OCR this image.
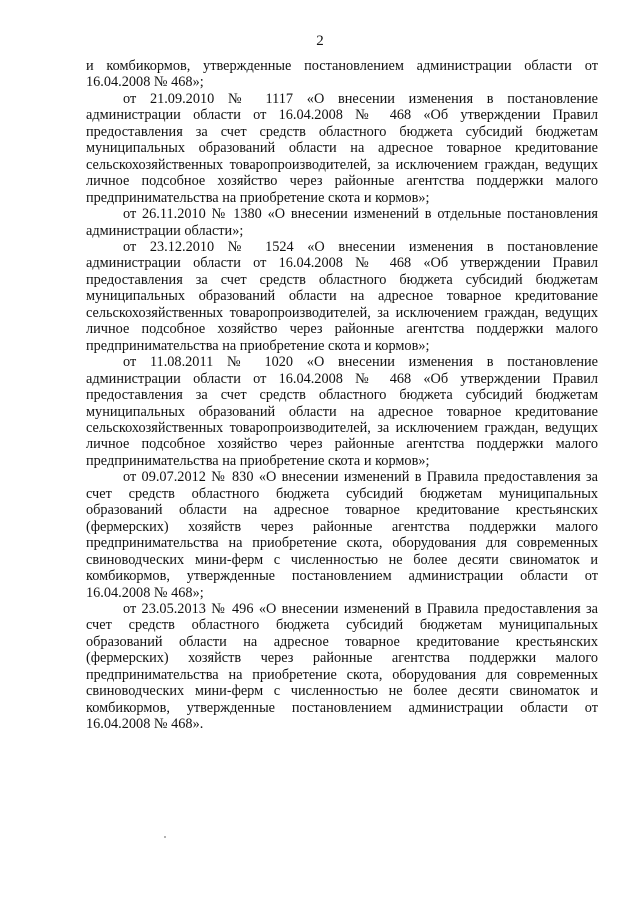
2

и комбикормов, утвержденные постановлением администрации области от 16.04.2008 № 468»;

от 21.09.2010 № 1117 «О внесении изменения в постановление администрации области от 16.04.2008 № 468 «Об утверждении Правил предоставления за счет средств областного бюджета субсидий бюджетам муниципальных образований области на адресное товарное кредитование сельскохозяйственных товаропроизводителей, за исключением граждан, ведущих личное подсобное хозяйство через районные агентства поддержки малого предпринимательства на приобретение скота и кормов»;

от 26.11.2010 № 1380 «О внесении изменений в отдельные постановления администрации области»;

от 23.12.2010 № 1524 «О внесении изменения в постановление администрации области от 16.04.2008 № 468 «Об утверждении Правил предоставления за счет средств областного бюджета субсидий бюджетам муниципальных образований области на адресное товарное кредитование сельскохозяйственных товаропроизводителей, за исключением граждан, ведущих личное подсобное хозяйство через районные агентства поддержки малого предпринимательства на приобретение скота и кормов»;

от 11.08.2011 № 1020 «О внесении изменения в постановление администрации области от 16.04.2008 № 468 «Об утверждении Правил предоставления за счет средств областного бюджета субсидий бюджетам муниципальных образований области на адресное товарное кредитование сельскохозяйственных товаропроизводителей, за исключением граждан, ведущих личное подсобное хозяйство через районные агентства поддержки малого предпринимательства на приобретение скота и кормов»;

от 09.07.2012 № 830 «О внесении изменений в Правила предоставления за счет средств областного бюджета субсидий бюджетам муниципальных образований области на адресное товарное кредитование крестьянских (фермерских) хозяйств через районные агентства поддержки малого предпринимательства на приобретение скота, оборудования для современных свиноводческих мини-ферм с численностью не более десяти свиноматок и комбикормов, утвержденные постановлением администрации области от 16.04.2008 № 468»;

от 23.05.2013 № 496 «О внесении изменений в Правила предоставления за счет средств областного бюджета субсидий бюджетам муниципальных образований области на адресное товарное кредитование крестьянских (фермерских) хозяйств через районные агентства поддержки малого предпринимательства на приобретение скота, оборудования для современных свиноводческих мини-ферм с численностью не более десяти свиноматок и комбикормов, утвержденные постановлением администрации области от 16.04.2008 № 468».
